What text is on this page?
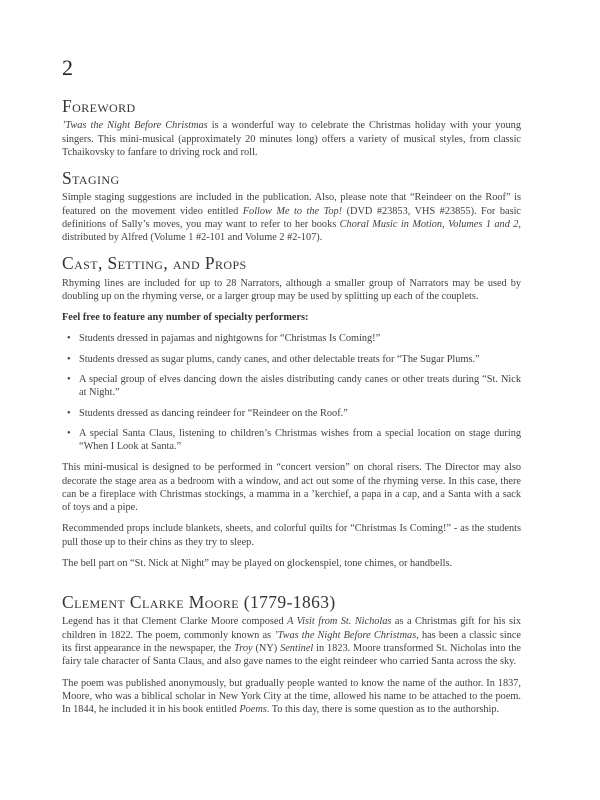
2
Foreword

’Twas the Night Before Christmas is a wonderful way to celebrate the Christmas holiday with your young singers. This mini-musical (approximately 20 minutes long) offers a variety of musical styles, from classic Tchaikovsky to fanfare to driving rock and roll.

Staging

Simple staging suggestions are included in the publication. Also, please note that “Reindeer on the Roof” is featured on the movement video entitled Follow Me to the Top! (DVD #23853, VHS #23855). For basic definitions of Sally’s moves, you may want to refer to her books Choral Music in Motion, Volumes 1 and 2, distributed by Alfred (Volume 1 #2-101 and Volume 2 #2-107).

Cast, Setting, and Props

Rhyming lines are included for up to 28 Narrators, although a smaller group of Narrators may be used by doubling up on the rhyming verse, or a larger group may be used by splitting up each of the couplets.

Feel free to feature any number of specialty performers:

• Students dressed in pajamas and nightgowns for “Christmas Is Coming!”
• Students dressed as sugar plums, candy canes, and other delectable treats for “The Sugar Plums.”
• A special group of elves dancing down the aisles distributing candy canes or other treats during “St. Nick at Night.”
• Students dressed as dancing reindeer for “Reindeer on the Roof.”
• A special Santa Claus, listening to children’s Christmas wishes from a special location on stage during “When I Look at Santa.”

This mini-musical is designed to be performed in “concert version” on choral risers. The Director may also decorate the stage area as a bedroom with a window, and act out some of the rhyming verse. In this case, there can be a fireplace with Christmas stockings, a mamma in a ’kerchief, a papa in a cap, and a Santa with a sack of toys and a pipe.

Recommended props include blankets, sheets, and colorful quilts for “Christmas Is Coming!” - as the students pull those up to their chins as they try to sleep.

The bell part on “St. Nick at Night” may be played on glockenspiel, tone chimes, or handbells.

Clement Clarke Moore (1779-1863)

Legend has it that Clement Clarke Moore composed A Visit from St. Nicholas as a Christmas gift for his six children in 1822. The poem, commonly known as ’Twas the Night Before Christmas, has been a classic since its first appearance in the newspaper, the Troy (NY) Sentinel in 1823. Moore transformed St. Nicholas into the fairy tale character of Santa Claus, and also gave names to the eight reindeer who carried Santa across the sky.

The poem was published anonymously, but gradually people wanted to know the name of the author. In 1837, Moore, who was a biblical scholar in New York City at the time, allowed his name to be attached to the poem. In 1844, he included it in his book entitled Poems. To this day, there is some question as to the authorship.
